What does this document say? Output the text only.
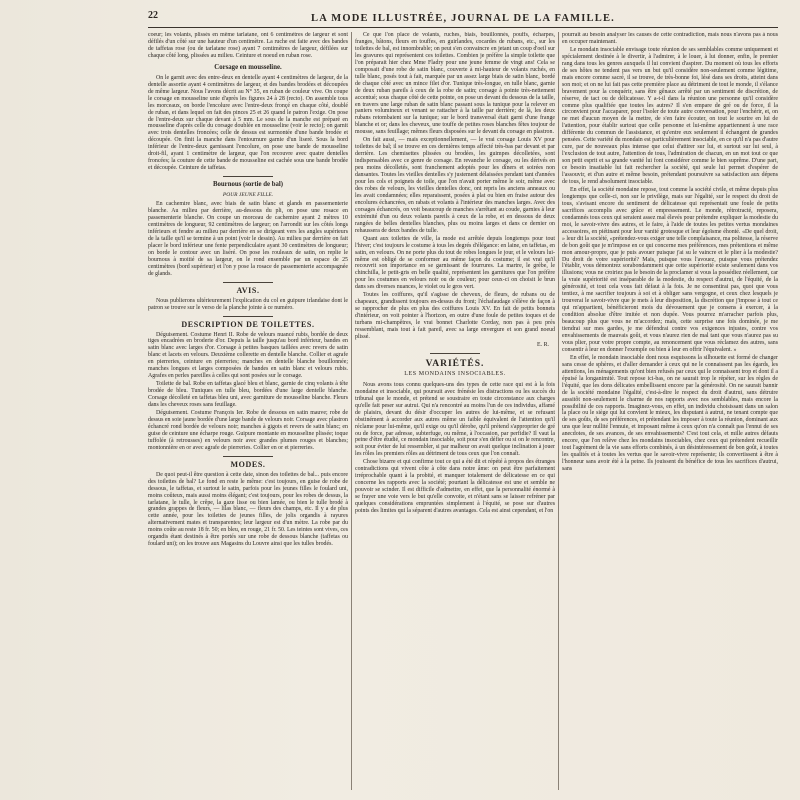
22	LA MODE ILLUSTRÉE, JOURNAL DE LA FAMILLE.

coeur; les volants, plissés en même tarlatane, ont 6 centimètres de largeur et sont défilés d'un côté sur une hauteur d'un centimètre. La ruche est faite avec des bandes de taffetas rose (ou de tarlatane rose) ayant 7 centimètres de largeur, défilées sur chaque côté long, plissées au milieu. Ceinture et noeud en ruban rose.

Corsage en mousseline.

On le garnit avec des entre-deux en dentelle ayant 4 centimètres de largeur, de la dentelle assortie ayant 4 centimètres de largeur, et des bandes brodées et découpées de même largeur. Nous l'avons décrit au N° 35, en ruban de couleur vive. On coupe le corsage en mousseline unie d'après les figures 24 à 28 (recto). On assemble tous les morceaux, on borde l'encolure avec l'entre-deux fronçé en chaque côté, doublé de ruban, et dans lequel on fait des pinces 25 et 26 quand le patron l'exige. On pose de l'entre-deux sur chaque devant à 5 mm. Le sous de la manche est préparé en mousseline d'après celle du corsage doublée en mousseline (voir le recto); on garnit avec trois dentelles froncées; celle de dessus est surmontée d'une bande brodée et découpée. On finit la manche dans l'entournure garnie d'un liseré. Sous la bord inférieur de l'entre-deux garnissant l'encolure, on pose une bande de mousseline droit-fil, ayant 1 centimètre de largeur, que l'on recouvre avec quatre dentelles froncées; la couture de cette bande de mousseline est cachée sous une bande brodée et découpée. Ceinture de taffetas.

Bournous (sortie de bal)
POUR JEUNE FILLE.

En cachemire blanc, avec biais de satin blanc et glands en passementerie blanche. Au milieu par derrière, au-dessous du pli, on pose une rosace en passementerie blanche. On coupe un morceau de cachemire ayant 2 mètres 10 centimètres de longueur, 92 centimètres de largeur; on l'arrondit sur les côtés longs inférieurs et fendre au milieu par derrière en se dirigeant vers les angles supérieurs de la taille qu'il se termine à un point (voir le dessin). Au milieu par derrière on fait placer le bord inférieur une fente perpendiculaire ayant 30 centimètres de longueur; on borde le contour avec un liséré. On pose les rouleaux de satin, on replie le bournous à moitié de sa largeur, on le rond ensemble par un espace de 25 centimètres (bord supérieur) et l'on y pose la rosace de passementerie accompagnée de glands.

AVIS.

Nous publierons ultérieurement l'explication du col en guipure irlandaise dont le patron se trouve sur le verso de la planche jointe à ce numéro.

DESCRIPTION DE TOILETTES.

Déguisement. Costume Henri II. Robe de velours nuancé rubis, bordée de deux tiges encadrées en broderie d'or. Depuis la taille jusqu'au bord inférieur, bandes en satin blanc avec larges d'or. Corsage à petites basques taillées avec revers de satin blanc et lacets en velours. Deuxième collerette en dentelle blanche. Collier et agrafe en pierreries, ceinture en pierreries; manches en dentelle blanche bouillonnée; manches longues et larges composées de bandes en satin blanc et velours rubis. Agrafes en perles pareilles à celles qui sont posées sur le corsage.

Toilette de bal. Robe en taffetas glacé bleu et blanc, garnie de cinq volants à tête brodée de bleu. Tuniques en tulle bleu, bordées d'une large dentelle blanche. Corsage décolleté en taffetas bleu uni, avec garniture de mousseline blanche. Fleurs dans les cheveux roses sans feuillage.

Déguisement. Costume François Ier. Robe de dessous en satin mauve; robe de dessus en soie jaune bordée d'une large bande de velours noir. Corsage avec plastron échancré rond bordée de velours noir; manches à gigots et revers de satin blanc; en guise de ceinture une écharpe rouge. Guipure montante en mousseline plissée; toque tuffolée (à retrousses) en velours noir avec grandes plumes rouges et blanches; montonnière en or avec agrafe de pierreries. Collier en or et pierreries.

MODES.

De quoi peut-il être question à cette date, sinon des toilettes de bal... puis encore des toilettes de bal? Le fond en reste le même: c'est toujours, en guise de robe de dessous, le taffetas, et surtout le satin, parfois pour les jeunes filles le foulard uni, moins coûteux, mais aussi moins élégant; c'est toujours, pour les robes de dessus, la tarlatane, le tulle, le crêpe, la gaze lisse ou bien lamée, ou bien le tulle brodé à grandes grappes de fleurs, — lilas blanc, — fleurs des champs, etc. Il y a de plus cette année, pour les toilettes de jeunes filles, de jolis organdis à rayures alternativement mates et transparentes; leur largeur est d'un mètre. La robe par du moins coûte au reste 18 fr. 50; en bleu, en rouge, 21 fr. 50. Les teintes sont vives, ces organdis étant destinés à être portés sur une robe de dessous blanche (taffetas ou foulard uni); on les trouve aux Magasins du Louvre ainsi que les tulles brodés.

Ce que l'on place de volants, ruches, biais, bouillonnés, pouffs, écharpes, franges, bâtons, fleurs en touffes, en guirlandes, cocardes de rubans, etc., sur les toilettes de bal, est innombrable; on peut s'en convaincre en jetant un coup d'oeil sur les gravures qui représentent ces toilettes. Combien je préfère la simple toilette que l'on préparait hier chez Mme Fladry pour une jeune femme de vingt ans! Cela se composait d'une robe de satin blanc, couverte à mi-hauteur de volants ruchés, en tulle blanc, posés tout à fait, marquée par un assez large biais de satin blanc, bordé de chaque côté avec un mince filet d'or. Tunique très-longue, en tulle blanc, garnie de deux ruban pareils à ceux de la robe de satin; corsage à pointe très-nettement accentué; sous chaque côté de cette pointe, on pose un devant du dessous de la taille, en travers une large ruban de satin blanc passant sous la tunique pour la relever en paniers volumineux et venant se rattacher à la taille par derrière; de là, les deux rubans retombaient sur la tunique; sur le bord transversal était garni d'une frange blanche et or; dans les cheveux, une touffe de petites roses blanches fêtes toujour de mousse, sans feuillage; mêmes fleurs disposées sur le devant du corsage en plastron.

On fait aussi, — mais exceptionnellement, — le vrai corsage Louis XV pour toilettes de bal; il se trouve en ces dernières temps affecté très-bas par devant et par derrière. Les chemisettes plissées ou brodées, les guimpes décolletées, sont indispensables avec ce genre de corsage. En revanche le corsage, ou les dérivés en peu moins décolletés, sont franchement adoptés pour les dîners et soirées non dansantes. Toutes les vieilles dentelles s'y justement délaissées pendant tant d'années pour les cols et poignets de toile, que l'on n'avait porter même le soir, même avec des robes de velours, les vieilles dentelles donc, ont repris les anciens anneaux ou les avait condamnées; elles reparaissent, posées à plat ou bien en fraise autour des encolures échancrées, en rabats et volants à l'intérieur des manches larges. Avec des corsages échancrés, on voit beaucoup de manches s'arrêtant au coude, garnies à leur extrémité d'un ou deux volants pareils à ceux de la robe, et en dessous de deux rangées de belles dentelles blanches, plus ou moins larges et dans ce dernier on rehaussera de deux bandes de tulle.

Quant aux toilettes de ville, la mode est arrêtée depuis longtemps pour tout l'hiver; c'est toujours le costume à tous les degrés d'élégance: en laine, en taffetas, en satin, en velours. On ne porte plus du tout de robes longues le jour, et le velours lui-même est obligé de se conformer au même façon du costume; il est vrai qu'il recouvrit son importance en se garnissant de fourrures. La martre, le grèbe, le chinchilla, le petit-gris en belle qualité, représentent les garnitures que l'on préfère pour les costumes en velours noir ou de couleur; pour ceux-ci on choisit le brun dans ses diverses nuances, le violet ou le gros vert.

Toutes les coiffures, qu'il s'agisse de cheveux, de fleurs, de rubans ou de chapeaux, grandissent toujours en-dessus du front; l'échafaudage s'élève de façon à se rapprocher de plus en plus des coiffures Louis XV. En fait de petits bonnets d'intérieur, on voit pointer à l'horizon, en outre d'une foule de petites toques et de turbans mi-champêtres, le vrai bonnet Charlotte Corday, non pas à peu près ressemblant, mais tout à fait pareil, avec sa large envergure et son grand noeud plissé.

E. R.
VARIÉTÉS.
LES MONDAINS INSOCIABLES.

Nous avons tous connu quelques-uns des types de cette race qui est à la fois mondaine et insociable, qui poursuit avec frénésie les distractions ou les succès du tribunal que le monde, et prétend se soustraire en toute circonstance aux charges qu'elle fait peser sur autrui. Qui n'a rencontré au moins l'un de ces individus, affamé de plaisirs, devant du désir d'occuper les autres de lui-même, et se refusant obstinément à accorder aux autres même un faible équivalent de l'attention qu'il réclame pour lui-même, qu'il exige ou qu'il dérobe, qu'il prétend s'approprier de gré ou de force, par adresse, subterfuge, ou même, à l'occasion, par perfidie? Il vaut la peine d'être étudié, ce mondain insociable, soit pour s'en défier ou si on le rencontre, soit pour éviter de lui ressembler, si par malheur on avait quelque inclination à jouer les rôles les premiers rôles au détriment de tous ceux que l'on connaît.

Chose bizarre et qui confirme tout ce qui a été dit et répété à propos des étranges contradictions qui vivent côte à côte dans notre âme: on peut être parfaitement irréprochable quant à la probité, et manquer totalement de délicatesse en ce qui concerne les rapports avec la société; pourtant la délicatesse est une et semble ne pouvoir se scinder. Il est difficile d'admettre, en effet, que la personnalité énormé à se frayer une voie vers le but qu'elle convoite, et n'étant sans se laisser refréner par quelques considérations empruntées simplement à l'équité, se pose sur d'autres points des limites qui la séparent d'autres avantages. Cela est ainsi cependant, et l'on

pourrait au besoin analyser les causes de cette contradiction, mais nous n'avons pas à nous en occuper maintenant.

Le mondain insociable envisage toute réunion de ses semblables comme uniquement et spécialement destinée à le divertir, à l'admirer, à le louer, à lui donner, enfin, le premier rang dans tous les genres auxquels il lui convient d'aspirer. Du moment où tous les efforts de ses hôtes ne tendent pas vers un but qu'il considère non-seulement comme légitime, mais encore comme sacré, il se trouve, de très-bonne foi, lésé dans ses droits, atteint dans son moi; et on ne lui fait pas cette première place au détriment de tout le monde, il s'élance bravement pour la conquérir, sans être gênaux arrêté par un sentiment de discrétion, de réserve, de tact ou de délicatesse. Y a-t-il dans la réunion une personne qu'il considère comme plus qualifiée que toutes les autres? Il s'en empare de gré ou de force, il la circonvient pour l'accaparer, pour l'isoler de toute autre conversation, pour l'enchérir, et, on ne met d'aucun moyen de la mettre, de s'en faire écouter, on tout le sourire en lui de l'attention, pour établir surtout que celle personne et lui-même appartiennent à une race différente du commun de l'assistance, et qu'entre eux seulement il échangent de grandes pensées. Cette variété du mondain est particulièrement insociable, en ce qu'il n'a pas d'autre cure, par de nouveaux plus intense que celui d'attirer sur lui, et surtout sur lui seul, à l'exclusion de tout autre, l'attention de tous, l'admiration de chacun, en un mot tout ce que son petit esprit et sa grande vanité lui font considérer comme le bien suprême. D'une part, ce besoin insatiable lui fait rechercher la société, qui seule lui permet d'espérer de l'assouvir, et d'un autre et même besoin, prétendant poursuivre sa satisfaction aux dépens de tous, le rend absolument insociable.

En effet, la société mondaine repose, tout comme la société civile, et même depuis plus longtemps que celle-ci, non sur le privilège, mais sur l'égalité, sur le respect du droit de tous, s'avisant encore du sentiment de délicatesse qui représentait une foule de petits sacrifices accomplis avec grâce et empressement. Le monde, rétrotracté, reposera, condamnés tous ceux qui seraient assez mal élevés pour prétendre expliquer la modestie du moi, le savoir-vivre des autres, et le faire, à l'aide de toutes les petites vertus mondaines accessoires, en piétinant pour leur vanité grotesque et leur égoïsme éhonté. «De quel droit, » leur dit la société, «prétendez-vous exiger une telle complaisance, ma politesse, la réserve de bon goût que je m'impose en ce qui concerne mes préférences, mes prétentions et même mon amour-propre, que je puis avouer puisque j'ai su le vaincre et le plier à la modestie? Du droit de votre supériorité? Mais, puisque vous l'avouez, puisque vous prétendez l'établir, vous démontrez sorabondamment que cette supériorité existe seulement dans vos illusions; vous ne croiriez pas le besoin de la proclamer si vous la possédiez réellement, car la vraie supériorité est inséparable de la modestie, du respect d'autrui, de l'équité, de la générosité, et tout cela vous fait défaut à la fois. Je ne consentirai pas, quoi que vous tentiez, à me sacrifier toujours à soi et à obliger sans vergogne, et ceux chez lesquels je trouverai le savoir-vivre que je mets à leur disposition, la discrétion que j'impose à tout ce qui m'appartient, bénéficieront mois du dévouement que je consens à exercer, à la condition absolue d'être imitée et non dupée. Vous pourrez m'arracher parfois plus, beaucoup plus que vous ne m'accordez; mais, cette surprise une fois dominée, je me tiendrai sur mes gardes, je me défendrai contre vos exigences injustes, contre vos envahissements de mauvais goût, et vous n'aurez rien de mal tant que vous n'aurez pas su vous plier, pour votre propre compte, au renoncement que vous réclamez des autres, sans consentir à leur en donner l'exemple ou bien à leur en offrir l'équivalent. »

En effet, le mondain insociable dont nous esquissons la silhouette est formé de changer sans cesse de sphères, et d'aller demander à ceux qui ne le connaissent pas les égards, les attentions, les ménagements qu'ont bien refusés par ceux qui le connaissent trop et dont il a épuisé la longanimité. Tout repose ici-bas, on ne saurait trop le répéter, sur les règles de l'équité, que les dons délicates embellissent encore par la générosité. On ne saurait bannir de la société mondaine l'égalité, c'est-à-dire le respect du droit d'autrui, sans détruire aussitôt non-seulement le charme de nos rapports avec nos semblables, mais encore la possibilité de ces rapports. Imaginez-vous, en effet, un individu choisissant dans un salon la place ou le siège qui lui convient le mieux, les disputant à autrui, ne tenant compte que de ses goûts, de ses préférences, et prétendant les imposer à toute la réunion, dominant aux uns que leur nullité l'ennuie, et imposant même à ceux qu'on n'a connaît pas l'ennui de ses anecdotes, de ses avances, de ses envahissements? C'est tout cela, et mille autres défauts encore, que l'on relève chez les mondains insociables, chez ceux qui prétendent recueillir tout l'agrément de la vie sans efforts combinés, à un désintéressement de bon goût, à toutes les qualités et à toutes les vertus que le savoir-vivre représente; ils convertissent à être à l'honneur sans avoir été à la peine. Ils jouissent du bénéfice de tous les sacrifices d'autrui, sans
